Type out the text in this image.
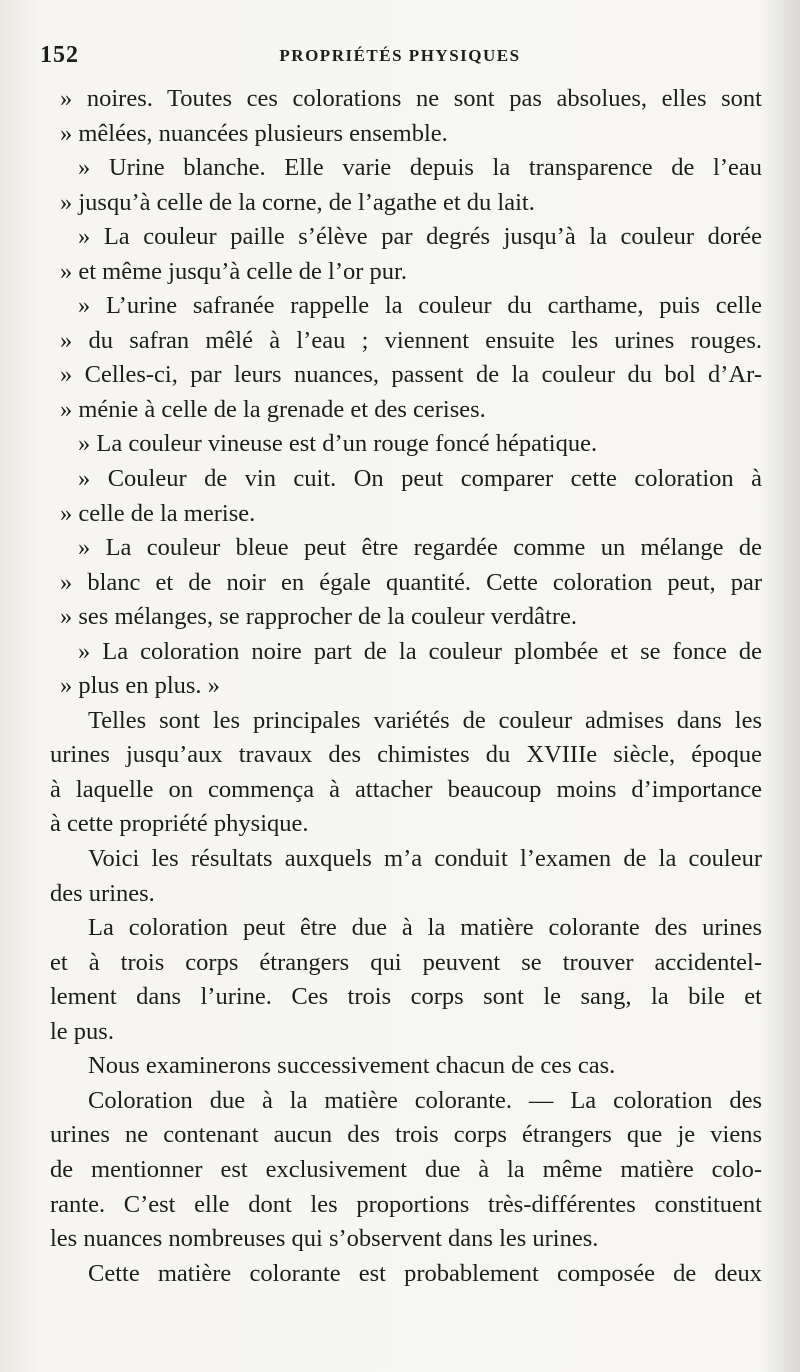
152	PROPRIÉTÉS PHYSIQUES
» noires. Toutes ces colorations ne sont pas absolues, elles sont
» mêlées, nuancées plusieurs ensemble.
» Urine blanche. Elle varie depuis la transparence de l’eau
» jusqu’à celle de la corne, de l’agathe et du lait.
» La couleur paille s’élève par degrés jusqu’à la couleur dorée
» et même jusqu’à celle de l’or pur.
» L’urine safranée rappelle la couleur du carthame, puis celle
» du safran mêlé à l’eau ; viennent ensuite les urines rouges.
» Celles-ci, par leurs nuances, passent de la couleur du bol d’Ar-
» ménie à celle de la grenade et des cerises.
» La couleur vineuse est d’un rouge foncé hépatique.
» Couleur de vin cuit. On peut comparer cette coloration à
» celle de la merise.
» La couleur bleue peut être regardée comme un mélange de
» blanc et de noir en égale quantité. Cette coloration peut, par
» ses mélanges, se rapprocher de la couleur verdâtre.
» La coloration noire part de la couleur plombée et se fonce de
» plus en plus. »
Telles sont les principales variétés de couleur admises dans les
urines jusqu’aux travaux des chimistes du XVIIIe siècle, époque
à laquelle on commença à attacher beaucoup moins d’importance
à cette propriété physique.
Voici les résultats auxquels m’a conduit l’examen de la couleur
des urines.
La coloration peut être due à la matière colorante des urines
et à trois corps étrangers qui peuvent se trouver accidentel-
lement dans l’urine. Ces trois corps sont le sang, la bile et
le pus.
Nous examinerons successivement chacun de ces cas.
Coloration due à la matière colorante. — La coloration des
urines ne contenant aucun des trois corps étrangers que je viens
de mentionner est exclusivement due à la même matière colo-
rante. C’est elle dont les proportions très-différentes constituent
les nuances nombreuses qui s’observent dans les urines.
Cette matière colorante est probablement composée de deux
